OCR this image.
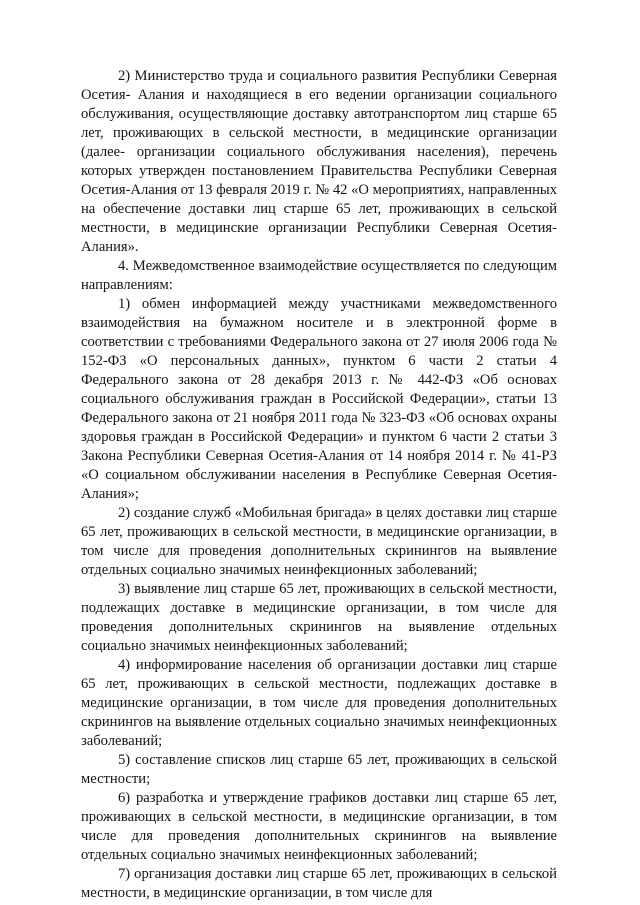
2) Министерство труда и социального развития Республики Северная Осетия- Алания и находящиеся в его ведении организации социального обслуживания, осуществляющие доставку автотранспортом лиц старше 65 лет, проживающих в сельской местности, в медицинские организации (далее- организации социального обслуживания населения), перечень которых утвержден постановлением Правительства Республики Северная Осетия-Алания от 13 февраля 2019 г. № 42 «О мероприятиях, направленных на обеспечение доставки лиц старше 65 лет, проживающих в сельской местности, в медицинские организации Республики Северная Осетия-Алания».

4. Межведомственное взаимодействие осуществляется по следующим направлениям:

1) обмен информацией между участниками межведомственного взаимодействия на бумажном носителе и в электронной форме в соответствии с требованиями Федерального закона от 27 июля 2006 года № 152-ФЗ «О персональных данных», пунктом 6 части 2 статьи 4 Федерального закона от 28 декабря 2013 г. № 442-ФЗ «Об основах социального обслуживания граждан в Российской Федерации», статьи 13 Федерального закона от 21 ноября 2011 года № 323-ФЗ «Об основах охраны здоровья граждан в Российской Федерации» и пунктом 6 части 2 статьи 3 Закона Республики Северная Осетия-Алания от 14 ноября 2014 г. № 41-РЗ «О социальном обслуживании населения в Республике Северная Осетия-Алания»;

2) создание служб «Мобильная бригада» в целях доставки лиц старше 65 лет, проживающих в сельской местности, в медицинские организации, в том числе для проведения дополнительных скринингов на выявление отдельных социально значимых неинфекционных заболеваний;

3) выявление лиц старше 65 лет, проживающих в сельской местности, подлежащих доставке в медицинские организации, в том числе для проведения дополнительных скринингов на выявление отдельных социально значимых неинфекционных заболеваний;

4) информирование населения об организации доставки лиц старше 65 лет, проживающих в сельской местности, подлежащих доставке в медицинские организации, в том числе для проведения дополнительных скринингов на выявление отдельных социально значимых неинфекционных заболеваний;

5) составление списков лиц старше 65 лет, проживающих в сельской местности;

6) разработка и утверждение графиков доставки лиц старше 65 лет, проживающих в сельской местности, в медицинские организации, в том числе для проведения дополнительных скринингов на выявление отдельных социально значимых неинфекционных заболеваний;

7) организация доставки лиц старше 65 лет, проживающих в сельской местности, в медицинские организации, в том числе для
